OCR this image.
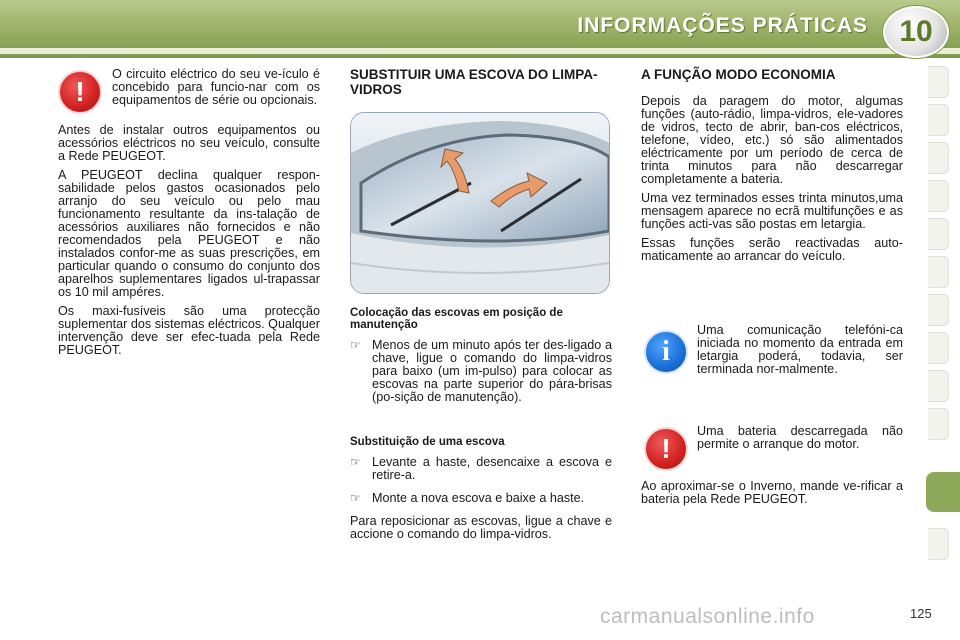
INFORMAÇÕES PRÁTICAS	10
!

O circuito eléctrico do seu ve-ículo é concebido para funcio-nar com os equipamentos de série ou opcionais.

Antes de instalar outros equipamentos ou acessórios eléctricos no seu veículo, consulte a Rede PEUGEOT.

A PEUGEOT declina qualquer respon-sabilidade pelos gastos ocasionados pelo arranjo do seu veículo ou pelo mau funcionamento resultante da ins-talação de acessórios auxiliares não fornecidos e não recomendados pela PEUGEOT e não instalados confor-me as suas prescrições, em particular quando o consumo do conjunto dos aparelhos suplementares ligados ul-trapassar os 10 mil ampéres.

Os maxi-fusíveis são uma protecção suplementar dos sistemas eléctricos. Qualquer intervenção deve ser efec-tuada pela Rede PEUGEOT.

SUBSTITUIR UMA ESCOVA DO LIMPA-VIDROS
Colocação das escovas em posição de manutenção
☞ Menos de um minuto após ter des-ligado a chave, ligue o comando do limpa-vidros para baixo (um im-pulso) para colocar as escovas na parte superior do pára-brisas (po-sição de manutenção).
Substituição de uma escova
☞ Levante a haste, desencaixe a escova e retire-a.
☞ Monte a nova escova e baixe a haste.

Para reposicionar as escovas, ligue a chave e accione o comando do limpa-vidros.

A FUNÇÃO MODO ECONOMIA

Depois da paragem do motor, algumas funções (auto-rádio, limpa-vidros, ele-vadores de vidros, tecto de abrir, ban-cos eléctricos, telefone, vídeo, etc.) só são alimentados eléctricamente por um período de cerca de trinta minutos para não descarregar completamente a bateria.

Uma vez terminados esses trinta minutos,uma mensagem aparece no ecrã multifunções e as funções acti-vas são postas em letargia.

Essas funções serão reactivadas auto-maticamente ao arrancar do veículo.

i

Uma comunicação telefóni-ca iniciada no momento da entrada em letargia poderá, todavia, ser terminada nor-malmente.

!

Uma bateria descarregada não permite o arranque do motor.

Ao aproximar-se o Inverno, mande ve-rificar a bateria pela Rede PEUGEOT.

carmanualsonline.info	125
